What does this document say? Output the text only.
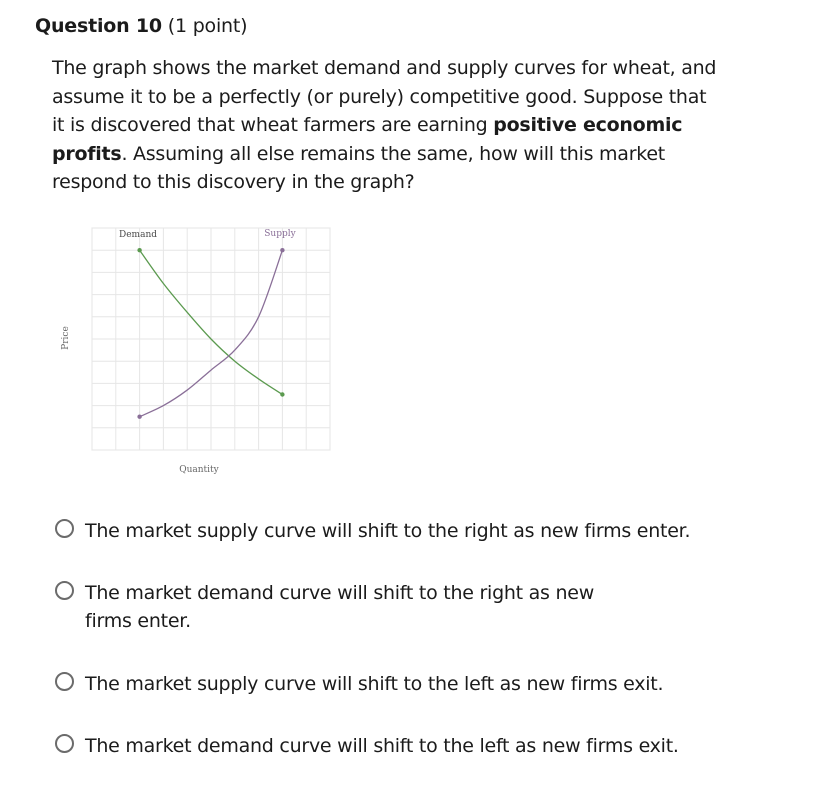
Question 10 (1 point)
The graph shows the market demand and supply curves for wheat, and assume it to be a perfectly (or purely) competitive good. Suppose that it is discovered that wheat farmers are earning positive economic profits. Assuming all else remains the same, how will this market respond to this discovery in the graph?
Price
Quantity
Demand	Supply
The market supply curve will shift to the right as new firms enter.
The market demand curve will shift to the right as new firms enter.
The market supply curve will shift to the left as new firms exit.
The market demand curve will shift to the left as new firms exit.
